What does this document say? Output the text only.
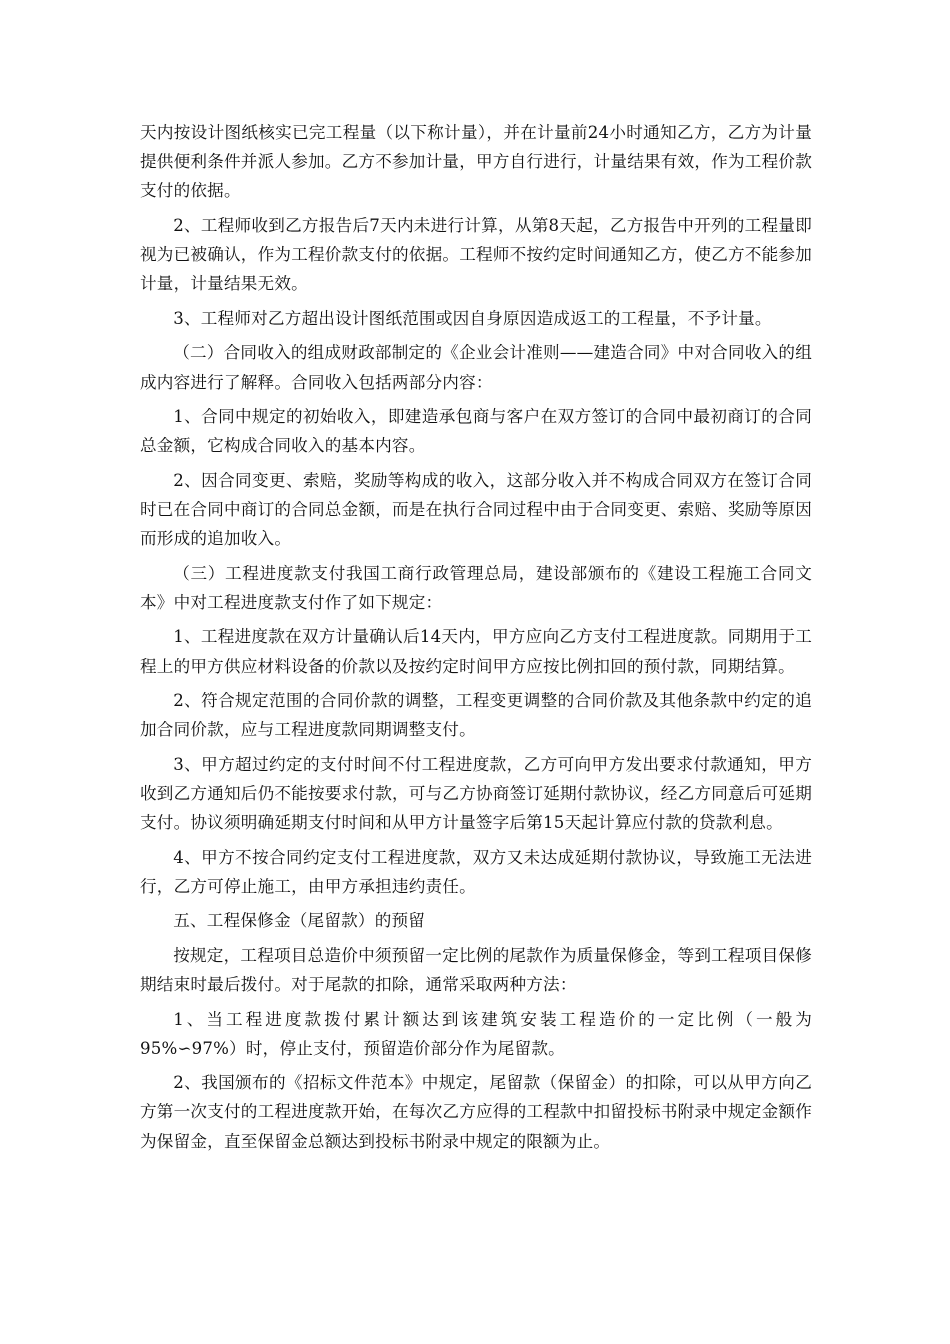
天内按设计图纸核实已完工程量（以下称计量），并在计量前24小时通知乙方，乙方为计量提供便利条件并派人参加。乙方不参加计量，甲方自行进行，计量结果有效，作为工程价款支付的依据。

2、工程师收到乙方报告后7天内未进行计算，从第8天起，乙方报告中开列的工程量即视为已被确认，作为工程价款支付的依据。工程师不按约定时间通知乙方，使乙方不能参加计量，计量结果无效。

3、工程师对乙方超出设计图纸范围或因自身原因造成返工的工程量，不予计量。

（二）合同收入的组成财政部制定的《企业会计准则——建造合同》中对合同收入的组成内容进行了解释。合同收入包括两部分内容：

1、合同中规定的初始收入，即建造承包商与客户在双方签订的合同中最初商订的合同总金额，它构成合同收入的基本内容。

2、因合同变更、索赔，奖励等构成的收入，这部分收入并不构成合同双方在签订合同时已在合同中商订的合同总金额，而是在执行合同过程中由于合同变更、索赔、奖励等原因而形成的追加收入。

（三）工程进度款支付我国工商行政管理总局，建设部颁布的《建设工程施工合同文本》中对工程进度款支付作了如下规定：

1、工程进度款在双方计量确认后14天内，甲方应向乙方支付工程进度款。同期用于工程上的甲方供应材料设备的价款以及按约定时间甲方应按比例扣回的预付款，同期结算。

2、符合规定范围的合同价款的调整，工程变更调整的合同价款及其他条款中约定的追加合同价款，应与工程进度款同期调整支付。

3、甲方超过约定的支付时间不付工程进度款，乙方可向甲方发出要求付款通知，甲方收到乙方通知后仍不能按要求付款，可与乙方协商签订延期付款协议，经乙方同意后可延期支付。协议须明确延期支付时间和从甲方计量签字后第15天起计算应付款的贷款利息。

4、甲方不按合同约定支付工程进度款，双方又未达成延期付款协议，导致施工无法进行，乙方可停止施工，由甲方承担违约责任。

五、工程保修金（尾留款）的预留

按规定，工程项目总造价中须预留一定比例的尾款作为质量保修金，等到工程项目保修期结束时最后拨付。对于尾款的扣除，通常采取两种方法：

1、当工程进度款拨付累计额达到该建筑安装工程造价的一定比例（一般为95%∽97%）时，停止支付，预留造价部分作为尾留款。

2、我国颁布的《招标文件范本》中规定，尾留款（保留金）的扣除，可以从甲方向乙方第一次支付的工程进度款开始，在每次乙方应得的工程款中扣留投标书附录中规定金额作为保留金，直至保留金总额达到投标书附录中规定的限额为止。
